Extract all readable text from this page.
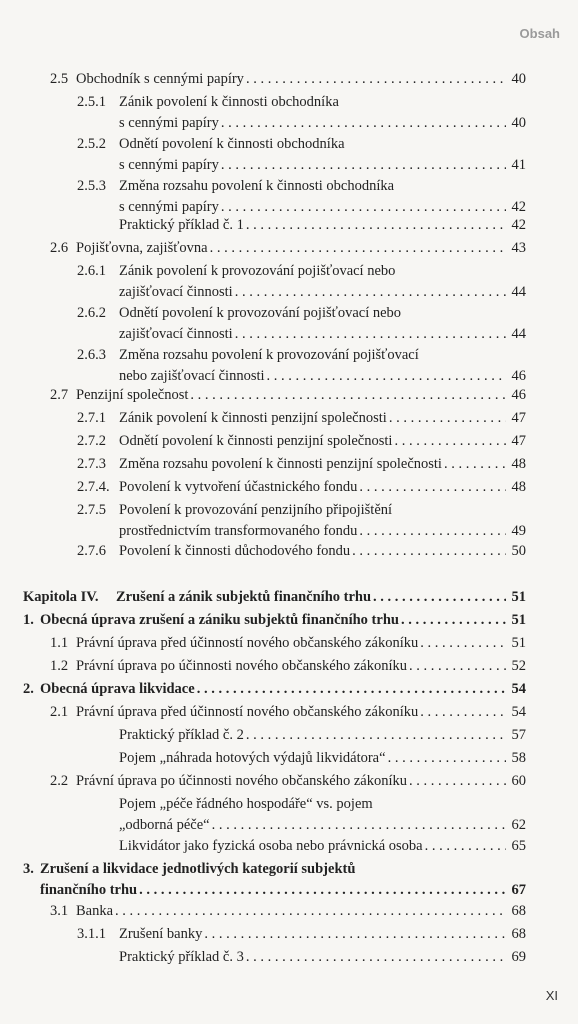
Obsah
2.5 Obchodník s cennými papíry . . .	40
2.5.1 Zánik povolení k činnosti obchodníka
s cennými papíry . . .	40
2.5.2 Odnětí povolení k činnosti obchodníka
s cennými papíry . . .	41
2.5.3 Změna rozsahu povolení k činnosti obchodníka
s cennými papíry . . .	42
Praktický příklad č. 1 . . .	42
2.6 Pojišťovna, zajišťovna . . .	43
2.6.1 Zánik povolení k provozování pojišťovací nebo
zajišťovací činnosti . . .	44
2.6.2 Odnětí povolení k provozování pojišťovací nebo
zajišťovací činnosti . . .	44
2.6.3 Změna rozsahu povolení k provozování pojišťovací
nebo zajišťovací činnosti . . .	46
2.7 Penzijní společnost . . .	46
2.7.1 Zánik povolení k činnosti penzijní společnosti . . .	47
2.7.2 Odnětí povolení k činnosti penzijní společnosti . . .	47
2.7.3 Změna rozsahu povolení k činnosti penzijní společnosti . . .	48
2.7.4. Povolení k vytvoření účastnického fondu . . .	48
2.7.5 Povolení k provozování penzijního připojištění
prostřednictvím transformovaného fondu . . .	49
2.7.6 Povolení k činnosti důchodového fondu . . .	50
Kapitola IV. Zrušení a zánik subjektů finančního trhu . . .	51
1. Obecná úprava zrušení a zániku subjektů finančního trhu . . .	51
1.1 Právní úprava před účinností nového občanského zákoníku . . .	51
1.2 Právní úprava po účinnosti nového občanského zákoníku . . .	52
2. Obecná úprava likvidace . . .	54
2.1 Právní úprava před účinností nového občanského zákoníku . . .	54
Praktický příklad č. 2 . . .	57
Pojem „náhrada hotových výdajů likvidátora“ . . .	58
2.2 Právní úprava po účinnosti nového občanského zákoníku . . .	60
Pojem „péče řádného hospodáře“ vs. pojem
„odborná péče“ . . .	62
Likvidátor jako fyzická osoba nebo právnická osoba . . .	65
3. Zrušení a likvidace jednotlivých kategorií subjektů
finančního trhu . . .	67
3.1 Banka . . .	68
3.1.1 Zrušení banky . . .	68
Praktický příklad č. 3 . . .	69
XI
